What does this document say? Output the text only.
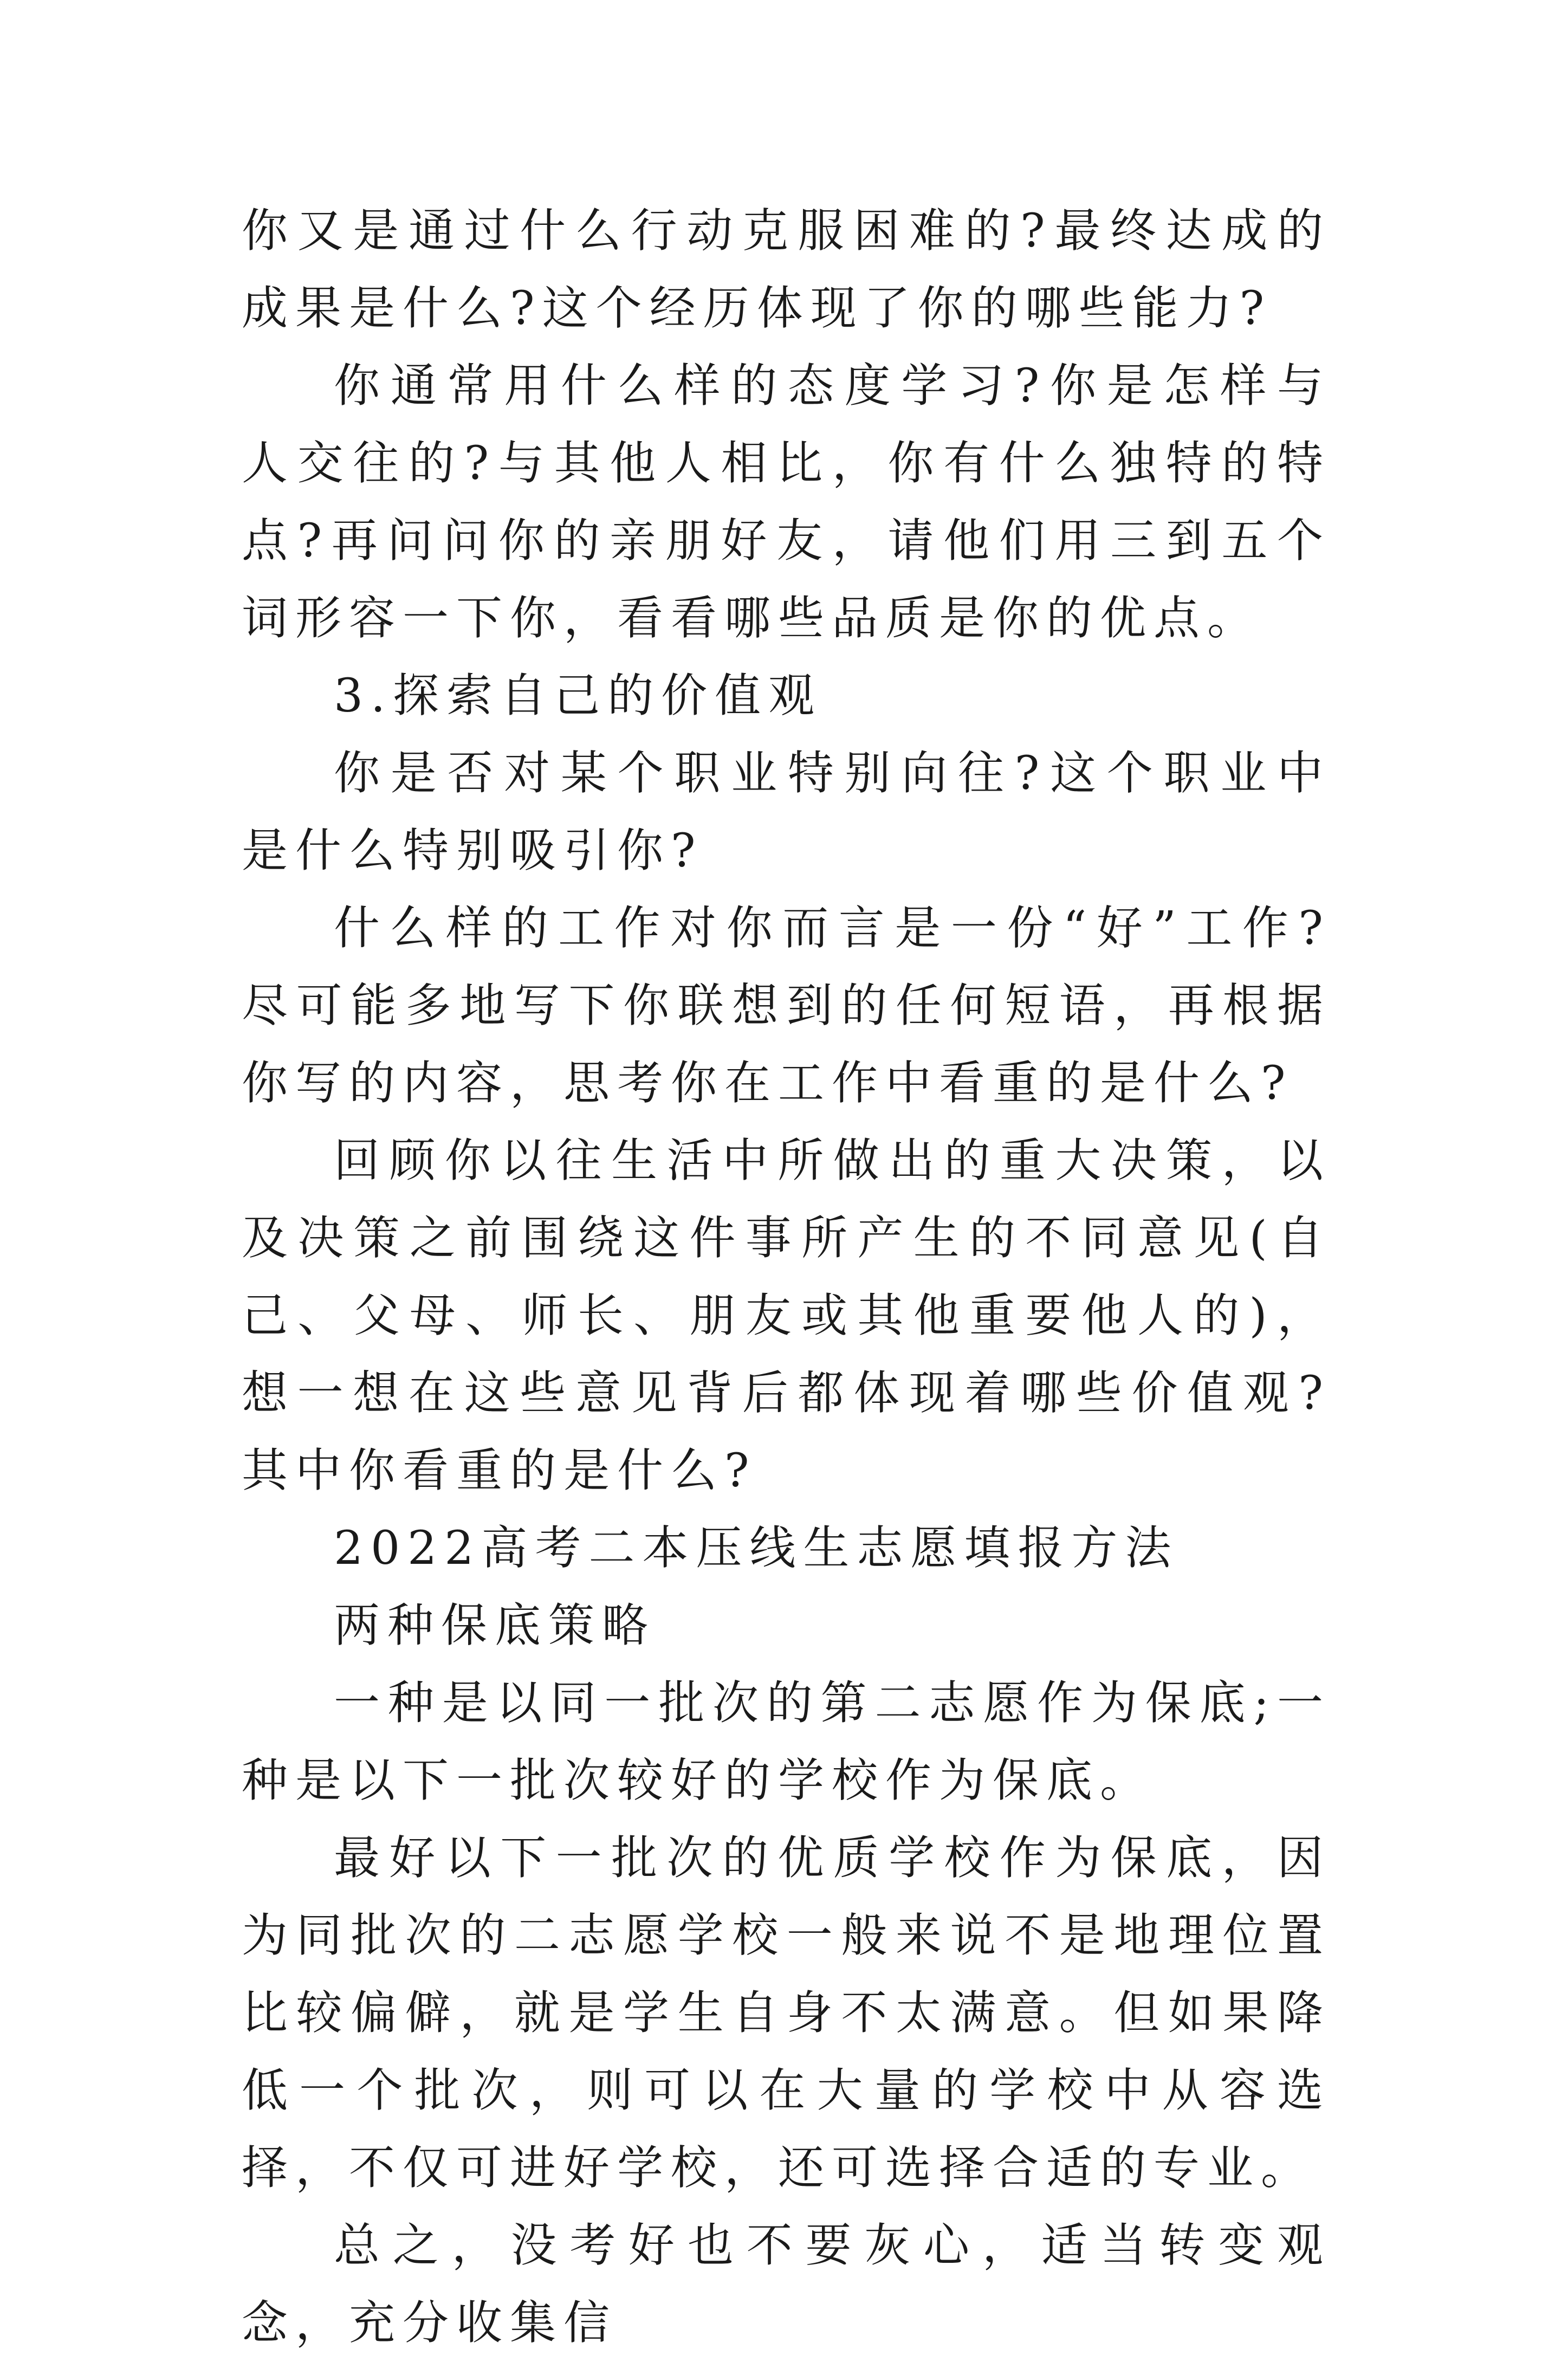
你又是通过什么行动克服困难的?最终达成的成果是什么?这个经历体现了你的哪些能力?

你通常用什么样的态度学习?你是怎样与人交往的?与其他人相比，你有什么独特的特点?再问问你的亲朋好友，请他们用三到五个词形容一下你，看看哪些品质是你的优点。

3.探索自己的价值观

你是否对某个职业特别向往?这个职业中是什么特别吸引你?

什么样的工作对你而言是一份“好”工作?尽可能多地写下你联想到的任何短语，再根据你写的内容，思考你在工作中看重的是什么?

回顾你以往生活中所做出的重大决策，以及决策之前围绕这件事所产生的不同意见(自己、父母、师长、朋友或其他重要他人的)，想一想在这些意见背后都体现着哪些价值观?其中你看重的是什么?

2022高考二本压线生志愿填报方法

两种保底策略

一种是以同一批次的第二志愿作为保底;一种是以下一批次较好的学校作为保底。

最好以下一批次的优质学校作为保底，因为同批次的二志愿学校一般来说不是地理位置比较偏僻，就是学生自身不太满意。但如果降低一个批次，则可以在大量的学校中从容选择，不仅可进好学校，还可选择合适的专业。

总之，没考好也不要灰心，适当转变观念，充分收集信
